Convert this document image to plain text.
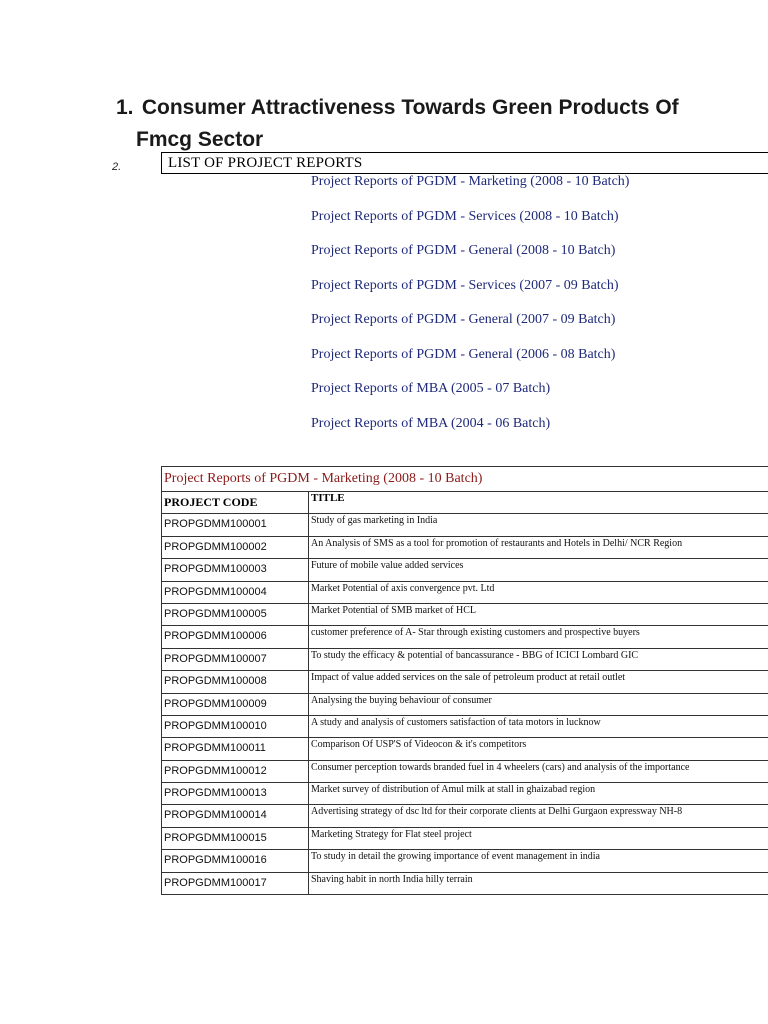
1. Consumer Attractiveness Towards Green Products Of
Fmcg Sector
2.	LIST OF PROJECT REPORTS
Project Reports of PGDM - Marketing (2008 - 10 Batch)
Project Reports of PGDM - Services (2008 - 10 Batch)
Project Reports of PGDM - General (2008 - 10 Batch)
Project Reports of PGDM - Services (2007 - 09 Batch)
Project Reports of PGDM - General (2007 - 09 Batch)
Project Reports of PGDM - General (2006 - 08 Batch)
Project Reports of MBA (2005 - 07 Batch)
Project Reports of MBA (2004 - 06 Batch)
Project Reports of PGDM - Marketing (2008 - 10 Batch)	
PROJECT CODE	TITLE
PROPGDMM100001	Study of gas marketing in India
PROPGDMM100002	An Analysis of SMS as a tool for promotion of restaurants and Hotels in Delhi/ NCR Region
PROPGDMM100003	Future of mobile value added services
PROPGDMM100004	Market Potential of axis convergence pvt. Ltd
PROPGDMM100005	Market Potential of SMB market of HCL
PROPGDMM100006	customer preference of A- Star through existing customers and prospective buyers
PROPGDMM100007	To study the efficacy & potential of bancassurance - BBG of ICICI Lombard GIC
PROPGDMM100008	Impact of value added services on the sale of petroleum product at retail outlet
PROPGDMM100009	Analysing the buying behaviour of consumer
PROPGDMM100010	A study and analysis of customers satisfaction of tata motors in lucknow
PROPGDMM100011	Comparison Of USP'S of Videocon & it's competitors
PROPGDMM100012	Consumer perception towards branded fuel in 4 wheelers (cars) and analysis of the importance
PROPGDMM100013	Market survey of distribution of Amul milk at stall in ghaizabad region
PROPGDMM100014	Advertising strategy of dsc ltd for their corporate clients at Delhi Gurgaon expressway NH-8
PROPGDMM100015	Marketing Strategy for Flat steel project
PROPGDMM100016	To study in detail the growing importance of event management in india
PROPGDMM100017	Shaving habit in north India hilly terrain
